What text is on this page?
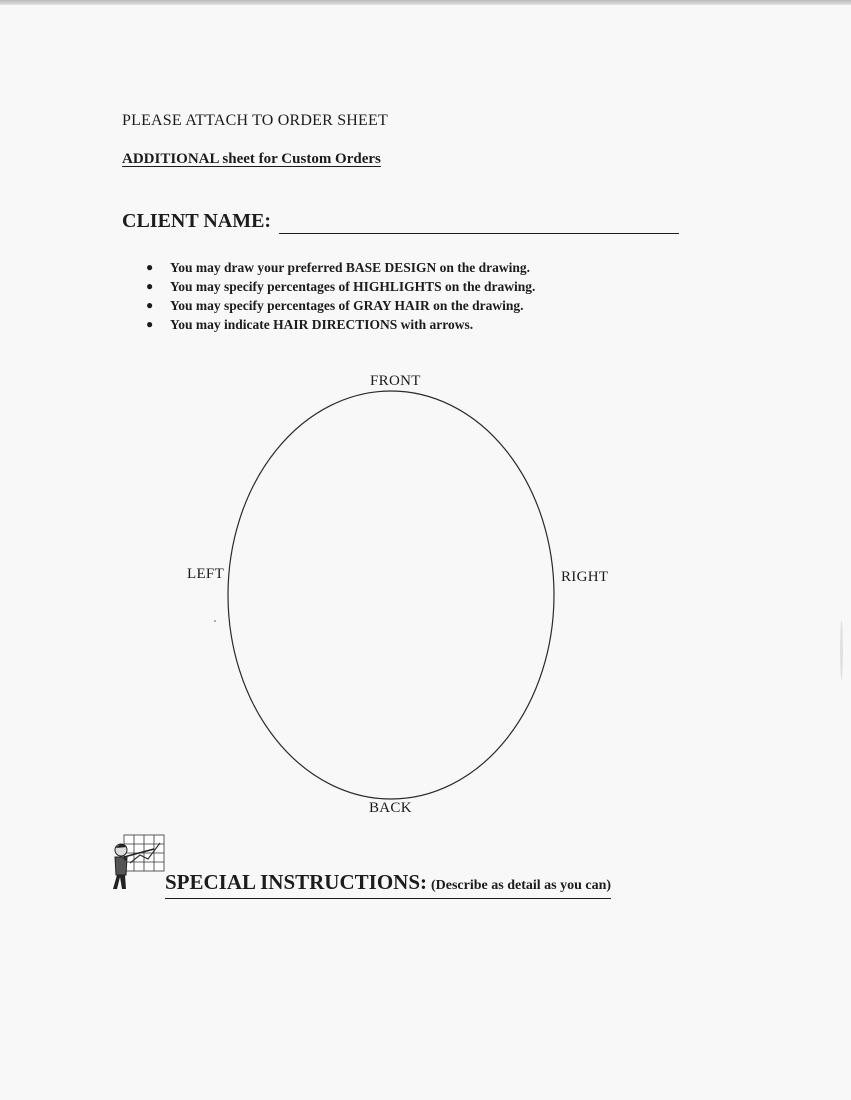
PLEASE ATTACH TO ORDER SHEET
ADDITIONAL sheet for Custom Orders
CLIENT NAME:
● You may draw your preferred BASE DESIGN on the drawing.
● You may specify percentages of HIGHLIGHTS on the drawing.
● You may specify percentages of GRAY HAIR on the drawing.
● You may indicate HAIR DIRECTIONS with arrows.
FRONT
LEFT	RIGHT
BACK
SPECIAL INSTRUCTIONS: (Describe as detail as you can)
